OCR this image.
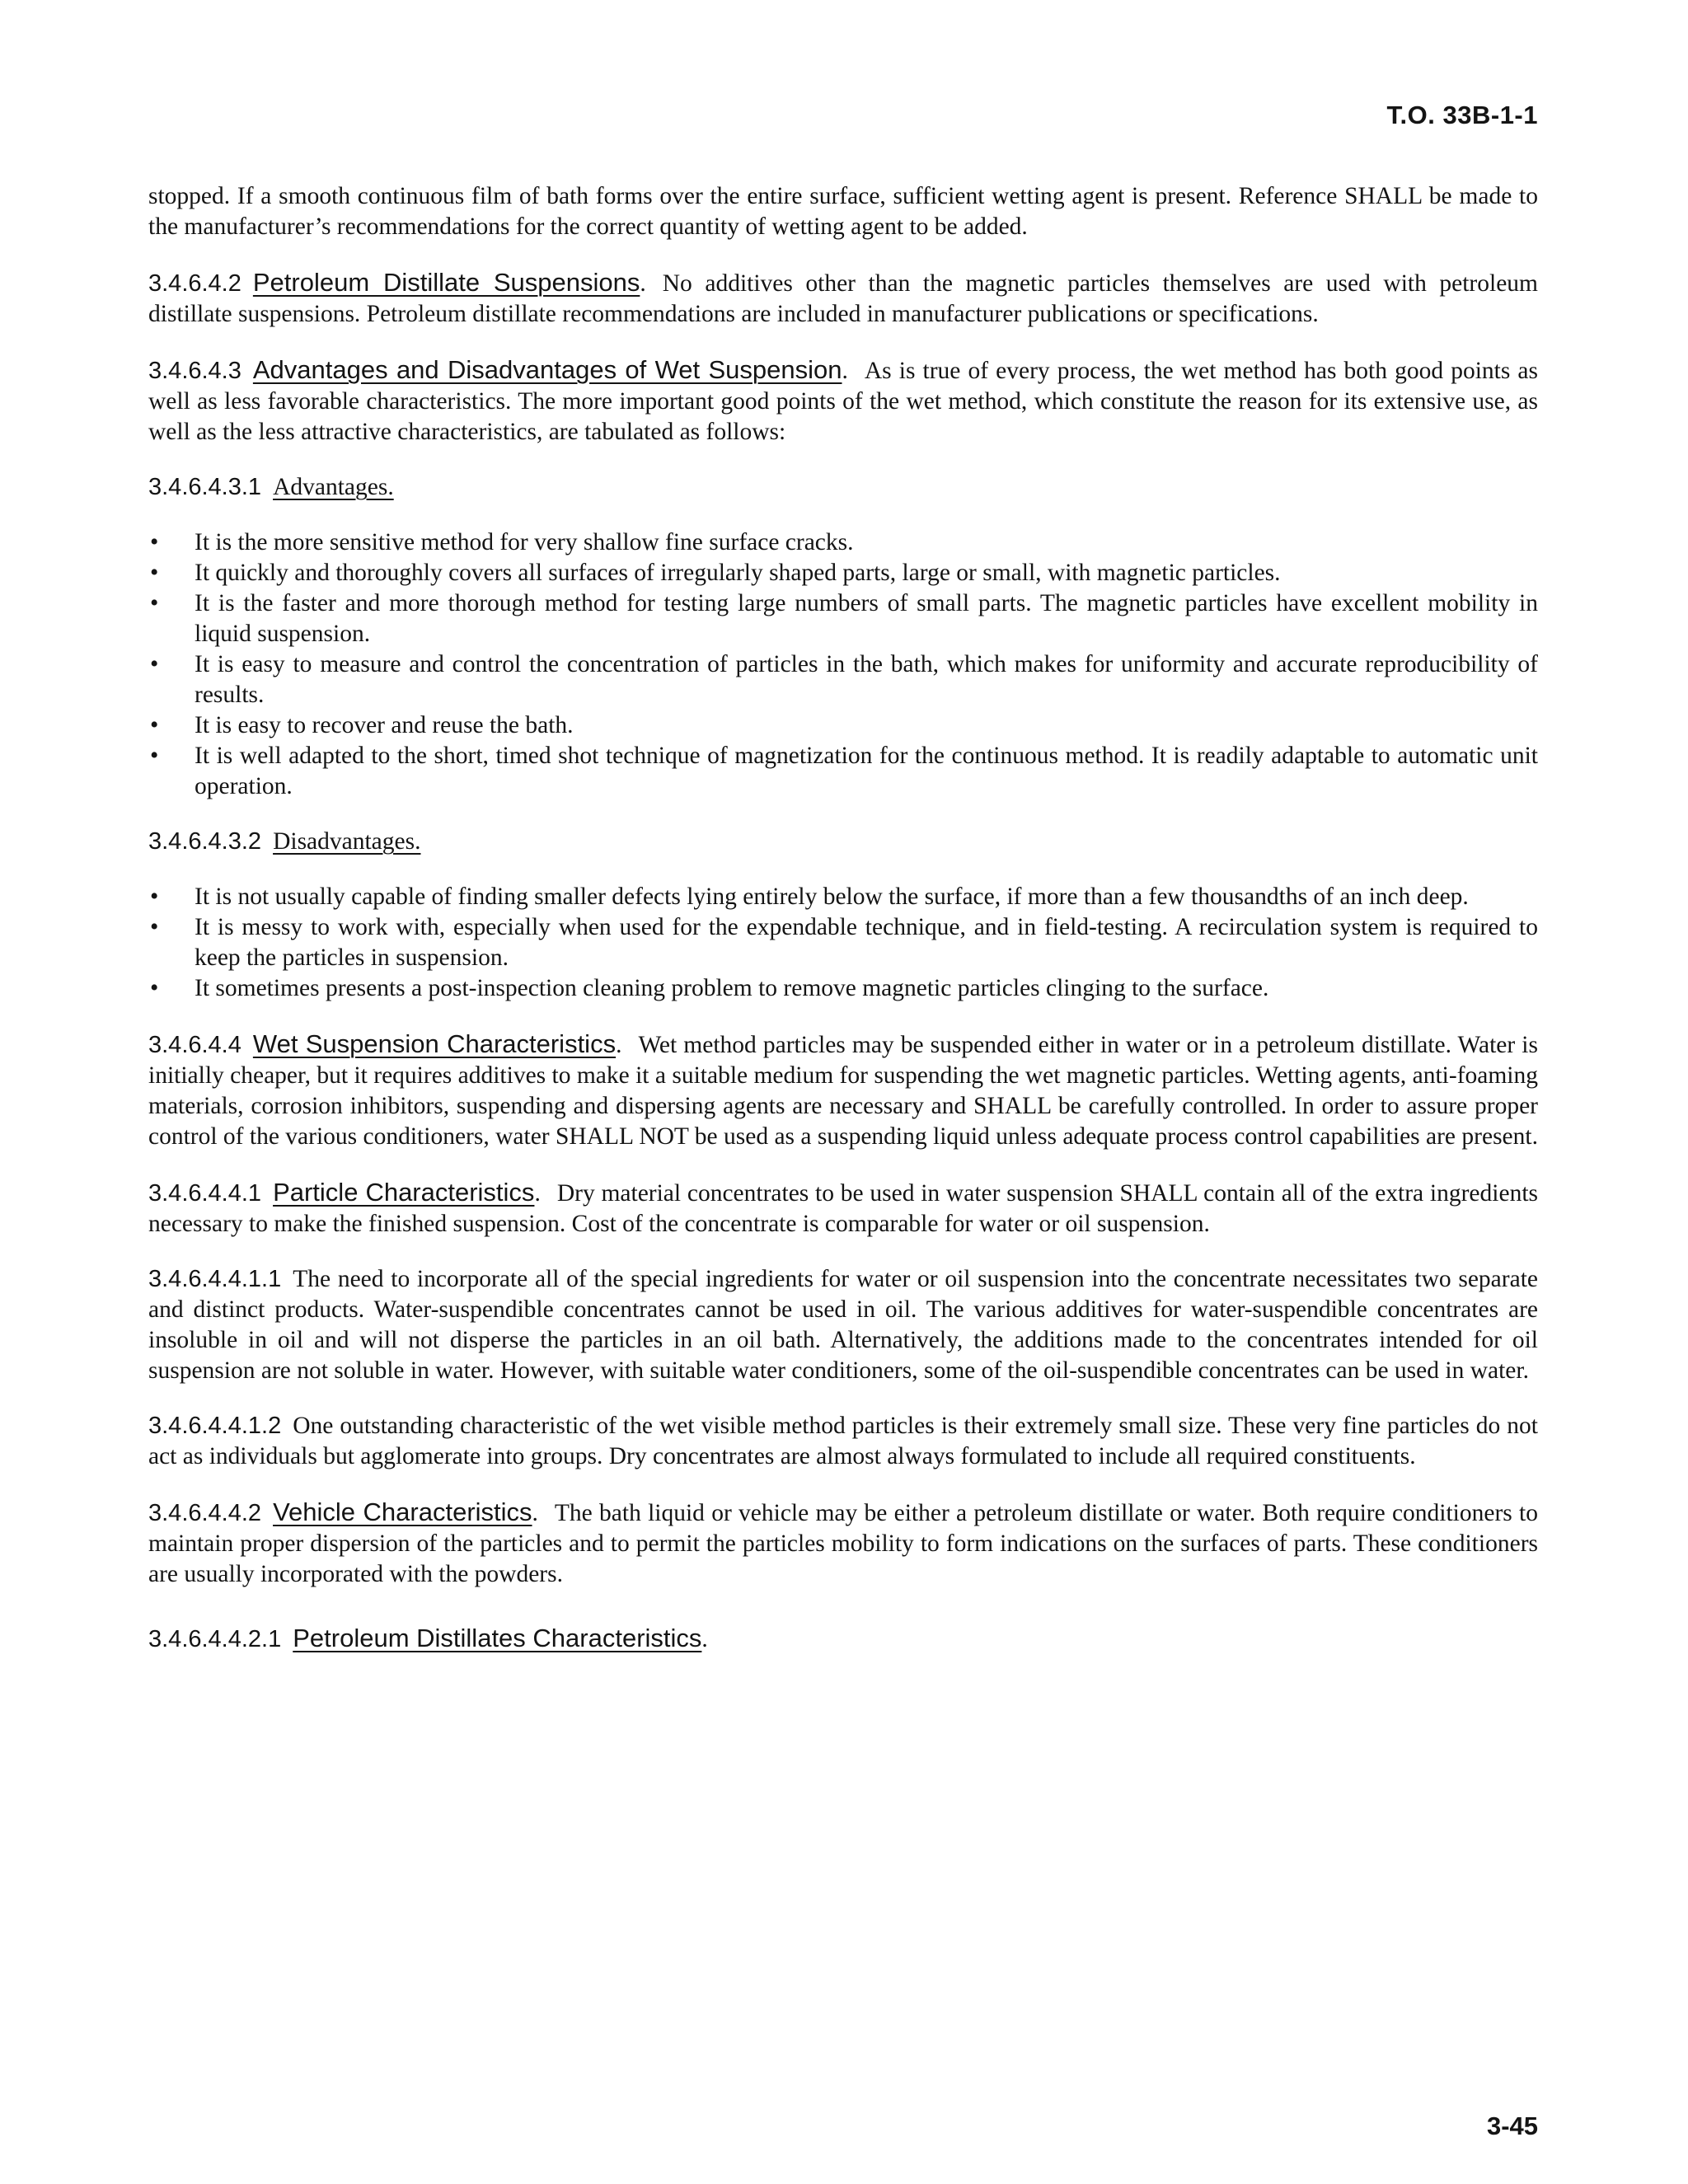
T.O. 33B-1-1

stopped. If a smooth continuous film of bath forms over the entire surface, sufficient wetting agent is present. Reference SHALL be made to the manufacturer’s recommendations for the correct quantity of wetting agent to be added.

3.4.6.4.2 Petroleum Distillate Suspensions. No additives other than the magnetic particles themselves are used with petroleum distillate suspensions. Petroleum distillate recommendations are included in manufacturer publications or specifications.

3.4.6.4.3 Advantages and Disadvantages of Wet Suspension. As is true of every process, the wet method has both good points as well as less favorable characteristics. The more important good points of the wet method, which constitute the reason for its extensive use, as well as the less attractive characteristics, are tabulated as follows:

3.4.6.4.3.1 Advantages.

• It is the more sensitive method for very shallow fine surface cracks.
• It quickly and thoroughly covers all surfaces of irregularly shaped parts, large or small, with magnetic particles.
• It is the faster and more thorough method for testing large numbers of small parts. The magnetic particles have excellent mobility in liquid suspension.
• It is easy to measure and control the concentration of particles in the bath, which makes for uniformity and accurate reproducibility of results.
• It is easy to recover and reuse the bath.
• It is well adapted to the short, timed shot technique of magnetization for the continuous method. It is readily adaptable to automatic unit operation.

3.4.6.4.3.2 Disadvantages.

• It is not usually capable of finding smaller defects lying entirely below the surface, if more than a few thousandths of an inch deep.
• It is messy to work with, especially when used for the expendable technique, and in field-testing. A recirculation system is required to keep the particles in suspension.
• It sometimes presents a post-inspection cleaning problem to remove magnetic particles clinging to the surface.

3.4.6.4.4 Wet Suspension Characteristics. Wet method particles may be suspended either in water or in a petroleum distillate. Water is initially cheaper, but it requires additives to make it a suitable medium for suspending the wet magnetic particles. Wetting agents, anti-foaming materials, corrosion inhibitors, suspending and dispersing agents are necessary and SHALL be carefully controlled. In order to assure proper control of the various conditioners, water SHALL NOT be used as a suspending liquid unless adequate process control capabilities are present.

3.4.6.4.4.1 Particle Characteristics. Dry material concentrates to be used in water suspension SHALL contain all of the extra ingredients necessary to make the finished suspension. Cost of the concentrate is comparable for water or oil suspension.

3.4.6.4.4.1.1 The need to incorporate all of the special ingredients for water or oil suspension into the concentrate necessitates two separate and distinct products. Water-suspendible concentrates cannot be used in oil. The various additives for water-suspendible concentrates are insoluble in oil and will not disperse the particles in an oil bath. Alternatively, the additions made to the concentrates intended for oil suspension are not soluble in water. However, with suitable water conditioners, some of the oil-suspendible concentrates can be used in water.

3.4.6.4.4.1.2 One outstanding characteristic of the wet visible method particles is their extremely small size. These very fine particles do not act as individuals but agglomerate into groups. Dry concentrates are almost always formulated to include all required constituents.

3.4.6.4.4.2 Vehicle Characteristics. The bath liquid or vehicle may be either a petroleum distillate or water. Both require conditioners to maintain proper dispersion of the particles and to permit the particles mobility to form indications on the surfaces of parts. These conditioners are usually incorporated with the powders.

3.4.6.4.4.2.1 Petroleum Distillates Characteristics.

3-45
